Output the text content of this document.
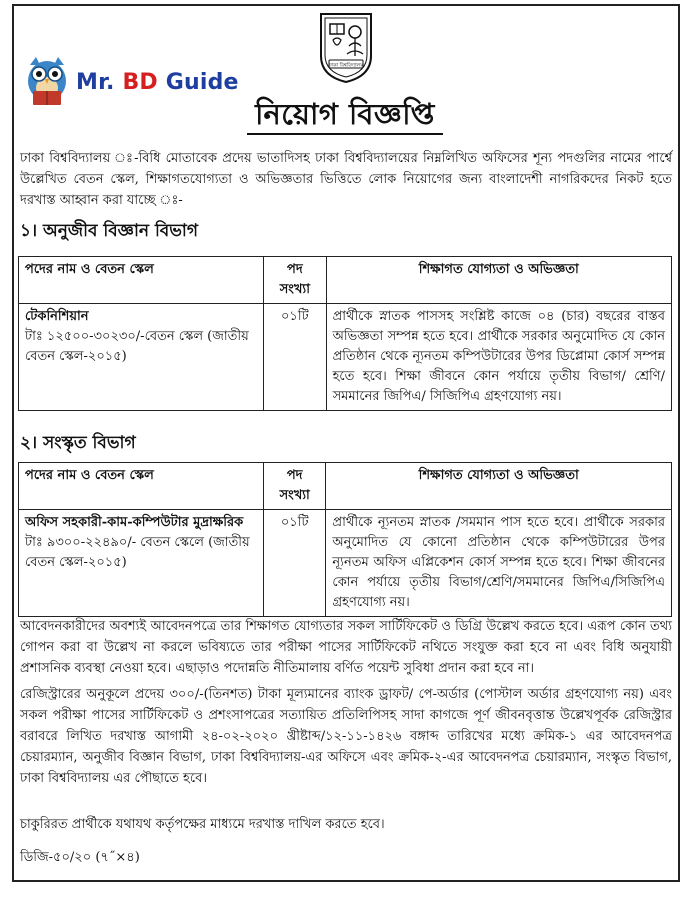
ঢাকা বিশ্ববিদ্যালয়
Mr. BD Guide
নিয়োগ বিজ্ঞপ্তি
ঢাকা বিশ্ববিদ্যালয় ঃ-বিধি মোতাবেক প্রদেয় ভাতাদিসহ ঢাকা বিশ্ববিদ্যালয়ের নিম্নলিখিত অফিসের শূন্য পদগুলির নামের পার্শ্বে উল্লেখিত বেতন স্কেল, শিক্ষাগতযোগ্যতা ও অভিজ্ঞতার ভিত্তিতে লোক নিয়োগের জন্য বাংলাদেশী নাগরিকদের নিকট হতে দরখাস্ত আহ্বান করা যাচ্ছে ঃ-
১। অনুজীব বিজ্ঞান বিভাগ
পদের নাম ও বেতন স্কেল	পদ সংখ্যা	শিক্ষাগত যোগ্যতা ও অভিজ্ঞতা

টেকনিশিয়ান
টাঃ ১২৫০০-৩০২৩০/-বেতন স্কেল (জাতীয় বেতন স্কেল-২০১৫)	০১টি	প্রার্থীকে স্নাতক পাসসহ সংশ্লিষ্ট কাজে ০৪ (চার) বছরের বাস্তব অভিজ্ঞতা সম্পন্ন হতে হবে। প্রার্থীকে সরকার অনুমোদিত যে কোন প্রতিষ্ঠান থেকে ন্যূনতম কম্পিউটারের উপর ডিপ্লোমা কোর্স সম্পন্ন হতে হবে। শিক্ষা জীবনে কোন পর্যায়ে তৃতীয় বিভাগ/ শ্রেণি/ সমমানের জিপিএ/ সিজিপিএ গ্রহণযোগ্য নয়।
২। সংস্কৃত বিভাগ
পদের নাম ও বেতন স্কেল	পদ সংখ্যা	শিক্ষাগত যোগ্যতা ও অভিজ্ঞতা

অফিস সহকারী-কাম-কম্পিউটার মুদ্রাক্ষরিক
টাঃ ৯৩০০-২২৪৯০/- বেতন স্কেলে (জাতীয় বেতন স্কেল-২০১৫)	০১টি	প্রার্থীকে ন্যূনতম স্নাতক /সমমান পাস হতে হবে। প্রার্থীকে সরকার অনুমোদিত যে কোনো প্রতিষ্ঠান থেকে কম্পিউটারের উপর ন্যূনতম অফিস এপ্লিকেশন কোর্স সম্পন্ন হতে হবে। শিক্ষা জীবনের কোন পর্যায়ে তৃতীয় বিভাগ/শ্রেণি/সমমানের জিপিএ/সিজিপিএ গ্রহণযোগ্য নয়।
আবেদনকারীদের অবশ্যই আবেদনপত্রে তার শিক্ষাগত যোগ্যতার সকল সার্টিফিকেট ও ডিগ্রি উল্লেখ করতে হবে। এরূপ কোন তথ্য গোপন করা বা উল্লেখ না করলে ভবিষ্যতে তার পরীক্ষা পাসের সার্টিফিকেট নথিতে সংযুক্ত করা হবে না এবং বিধি অনুযায়ী প্রশাসনিক ব্যবস্থা নেওয়া হবে। এছাড়াও পদোন্নতি নীতিমালায় বর্ণিত পয়েন্ট সুবিধা প্রদান করা হবে না।
রেজিস্ট্রারের অনুকূলে প্রদেয় ৩০০/-(তিনশত) টাকা মূল্যমানের ব্যাংক ড্রাফট/ পে-অর্ডার (পোস্টাল অর্ডার গ্রহণযোগ্য নয়) এবং সকল পরীক্ষা পাসের সার্টিফিকেট ও প্রশংসাপত্রের সত্যায়িত প্রতিলিপিসহ সাদা কাগজে পূর্ণ জীবনবৃত্তান্ত উল্লেখপূর্বক রেজিস্ট্রার বরাবরে লিখিত দরখাস্ত আগামী ২৪-০২-২০২০ খ্রীষ্টাব্দ/১২-১১-১৪২৬ বঙ্গাব্দ তারিখের মধ্যে ক্রমিক-১ এর আবেদনপত্র চেয়ারম্যান, অনুজীব বিজ্ঞান বিভাগ, ঢাকা বিশ্ববিদ্যালয়-এর অফিসে এবং ক্রমিক-২-এর আবেদনপত্র চেয়ারম্যান, সংস্কৃত বিভাগ, ঢাকা বিশ্ববিদ্যালয় এর পৌছাতে হবে।
চাকুরিরত প্রার্থীকে যথাযথ কর্তৃপক্ষের মাধ্যমে দরখাস্ত দাখিল করতে হবে।
ডিজি-৫০/২০ (৭˝×৪)
